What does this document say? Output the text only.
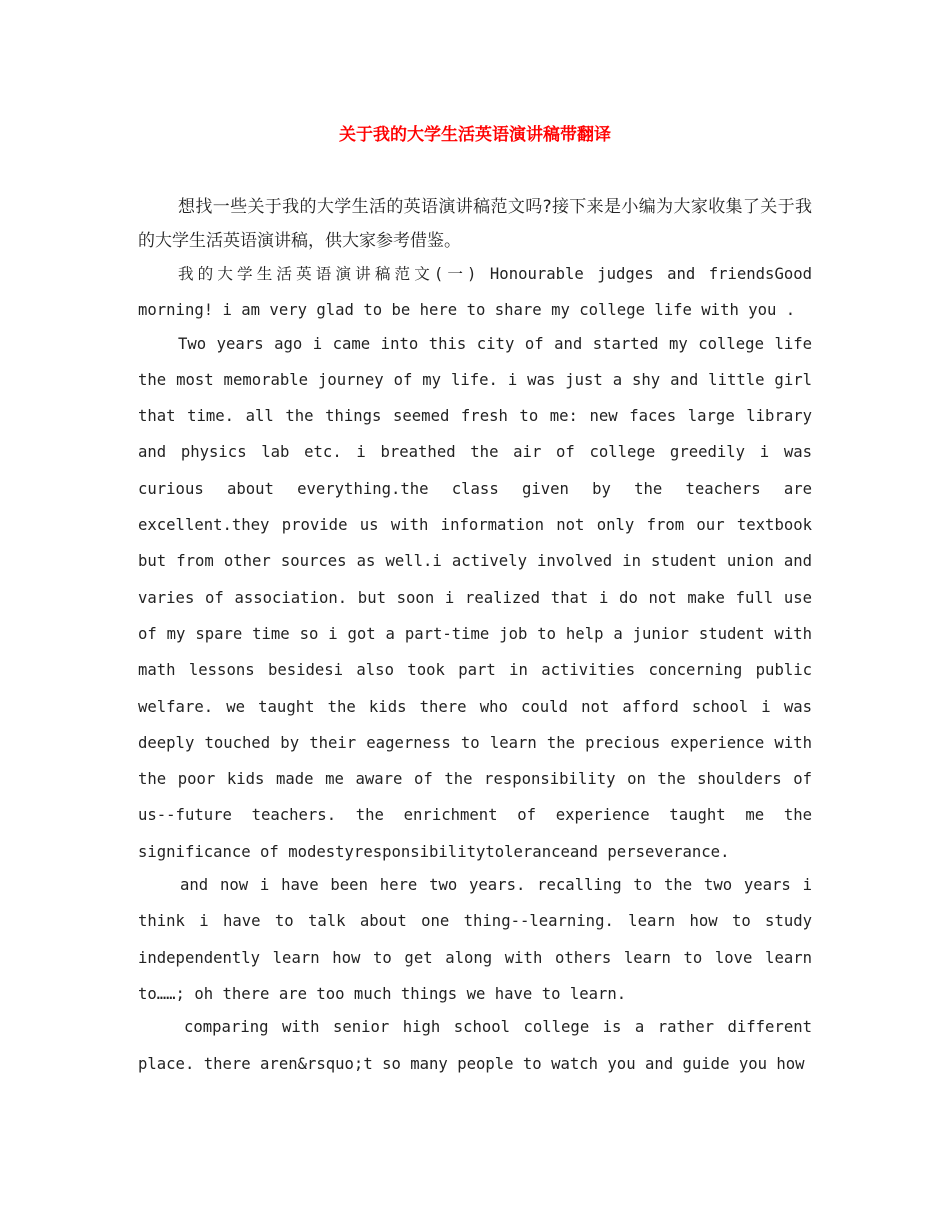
关于我的大学生活英语演讲稿带翻译

想找一些关于我的大学生活的英语演讲稿范文吗?接下来是小编为大家收集了关于我的大学生活英语演讲稿，供大家参考借鉴。

我的大学生活英语演讲稿范文(一) Honourable judges and friendsGood morning! i am very glad to be here to share my college life with you .

Two years ago i came into this city of and started my college life the most memorable journey of my life. i was just a shy and little girl that time. all the things seemed fresh to me: new faces large library and physics lab etc. i breathed the air of college greedily i was curious about everything.the class given by the teachers are excellent.they provide us with information not only from our textbook but from other sources as well.i actively involved in student union and varies of association. but soon i realized that i do not make full use of my spare time so i got a part-time job to help a junior student with math lessons besidesi also took part in activities concerning public welfare. we taught the kids there who could not afford school i was deeply touched by their eagerness to learn the precious experience with the poor kids made me aware of the responsibility on the shoulders of us--future teachers. the enrichment of experience taught me the significance of modestyresponsibilitytoleranceand perseverance.

and now i have been here two years. recalling to the two years i think i have to talk about one thing--learning. learn how to study independently learn how to get along with others learn to love learn to……; oh there are too much things we have to learn.

comparing with senior high school college is a rather different place. there aren&rsquo;t so many people to watch you and guide you how
